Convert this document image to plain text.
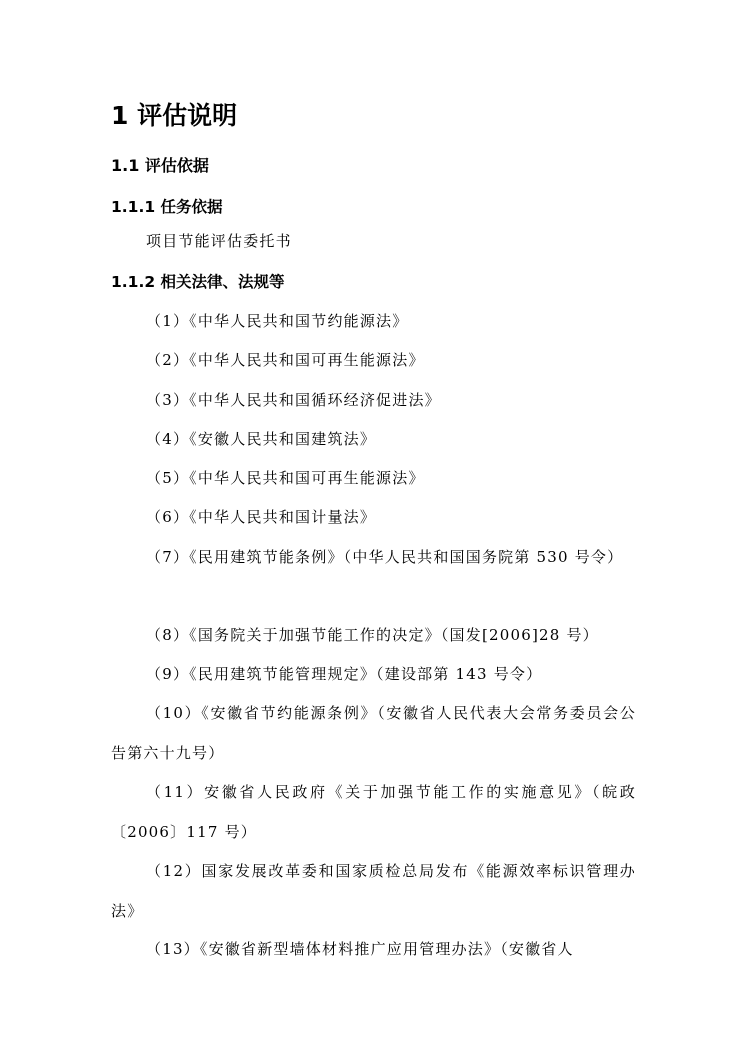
1 评估说明
1.1 评估依据
1.1.1 任务依据

项目节能评估委托书

1.1.2 相关法律、法规等

（1）《中华人民共和国节约能源法》

（2）《中华人民共和国可再生能源法》

（3）《中华人民共和国循环经济促进法》

（4）《安徽人民共和国建筑法》

（5）《中华人民共和国可再生能源法》

（6）《中华人民共和国计量法》

（7）《民用建筑节能条例》（中华人民共和国国务院第 530 号令）

（8）《国务院关于加强节能工作的决定》（国发[2006]28 号）

（9）《民用建筑节能管理规定》（建设部第 143 号令）

（10）《安徽省节约能源条例》（安徽省人民代表大会常务委员会公告第六十九号）

（11）安徽省人民政府《关于加强节能工作的实施意见》（皖政〔2006〕117 号）

（12）国家发展改革委和国家质检总局发布《能源效率标识管理办法》

（13）《安徽省新型墙体材料推广应用管理办法》（安徽省人
